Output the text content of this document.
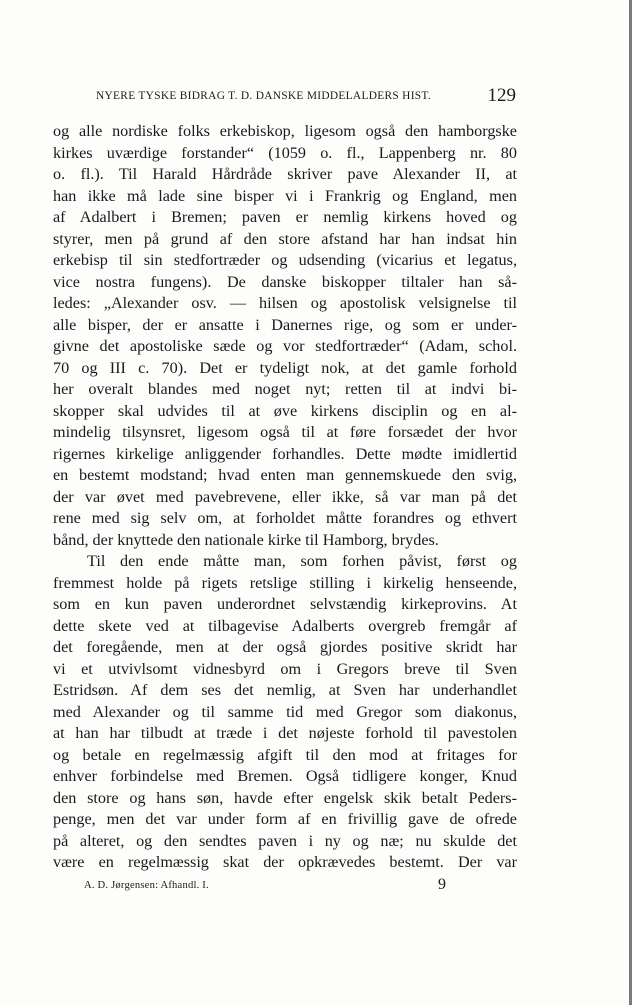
NYERE TYSKE BIDRAG T. D. DANSKE MIDDELALDERS HIST.	129
og alle nordiske folks erkebiskop, ligesom også den hamborgske
kirkes uværdige forstander“ (1059 o. fl., Lappenberg nr. 80
o. fl.). Til Harald Hårdråde skriver pave Alexander II, at
han ikke må lade sine bisper vi i Frankrig og England, men
af Adalbert i Bremen; paven er nemlig kirkens hoved og
styrer, men på grund af den store afstand har han indsat hin
erkebisp til sin stedfortræder og udsending (vicarius et legatus,
vice nostra fungens). De danske biskopper tiltaler han så-
ledes: „Alexander osv. — hilsen og apostolisk velsignelse til
alle bisper, der er ansatte i Danernes rige, og som er under-
givne det apostoliske sæde og vor stedfortræder“ (Adam, schol.
70 og III c. 70). Det er tydeligt nok, at det gamle forhold
her overalt blandes med noget nyt; retten til at indvi bi-
skopper skal udvides til at øve kirkens disciplin og en al-
mindelig tilsynsret, ligesom også til at føre forsædet der hvor
rigernes kirkelige anliggender forhandles. Dette mødte imidlertid
en bestemt modstand; hvad enten man gennemskuede den svig,
der var øvet med pavebrevene, eller ikke, så var man på det
rene med sig selv om, at forholdet måtte forandres og ethvert
bånd, der knyttede den nationale kirke til Hamborg, brydes.
Til den ende måtte man, som forhen påvist, først og
fremmest holde på rigets retslige stilling i kirkelig henseende,
som en kun paven underordnet selvstændig kirkeprovins. At
dette skete ved at tilbagevise Adalberts overgreb fremgår af
det foregående, men at der også gjordes positive skridt har
vi et utvivlsomt vidnesbyrd om i Gregors breve til Sven
Estridsøn. Af dem ses det nemlig, at Sven har underhandlet
med Alexander og til samme tid med Gregor som diakonus,
at han har tilbudt at træde i det nøjeste forhold til pavestolen
og betale en regelmæssig afgift til den mod at fritages for
enhver forbindelse med Bremen. Også tidligere konger, Knud
den store og hans søn, havde efter engelsk skik betalt Peders-
penge, men det var under form af en frivillig gave de ofrede
på alteret, og den sendtes paven i ny og næ; nu skulde det
være en regelmæssig skat der opkrævedes bestemt. Der var
A. D. Jørgensen: Afhandl. I.	9
